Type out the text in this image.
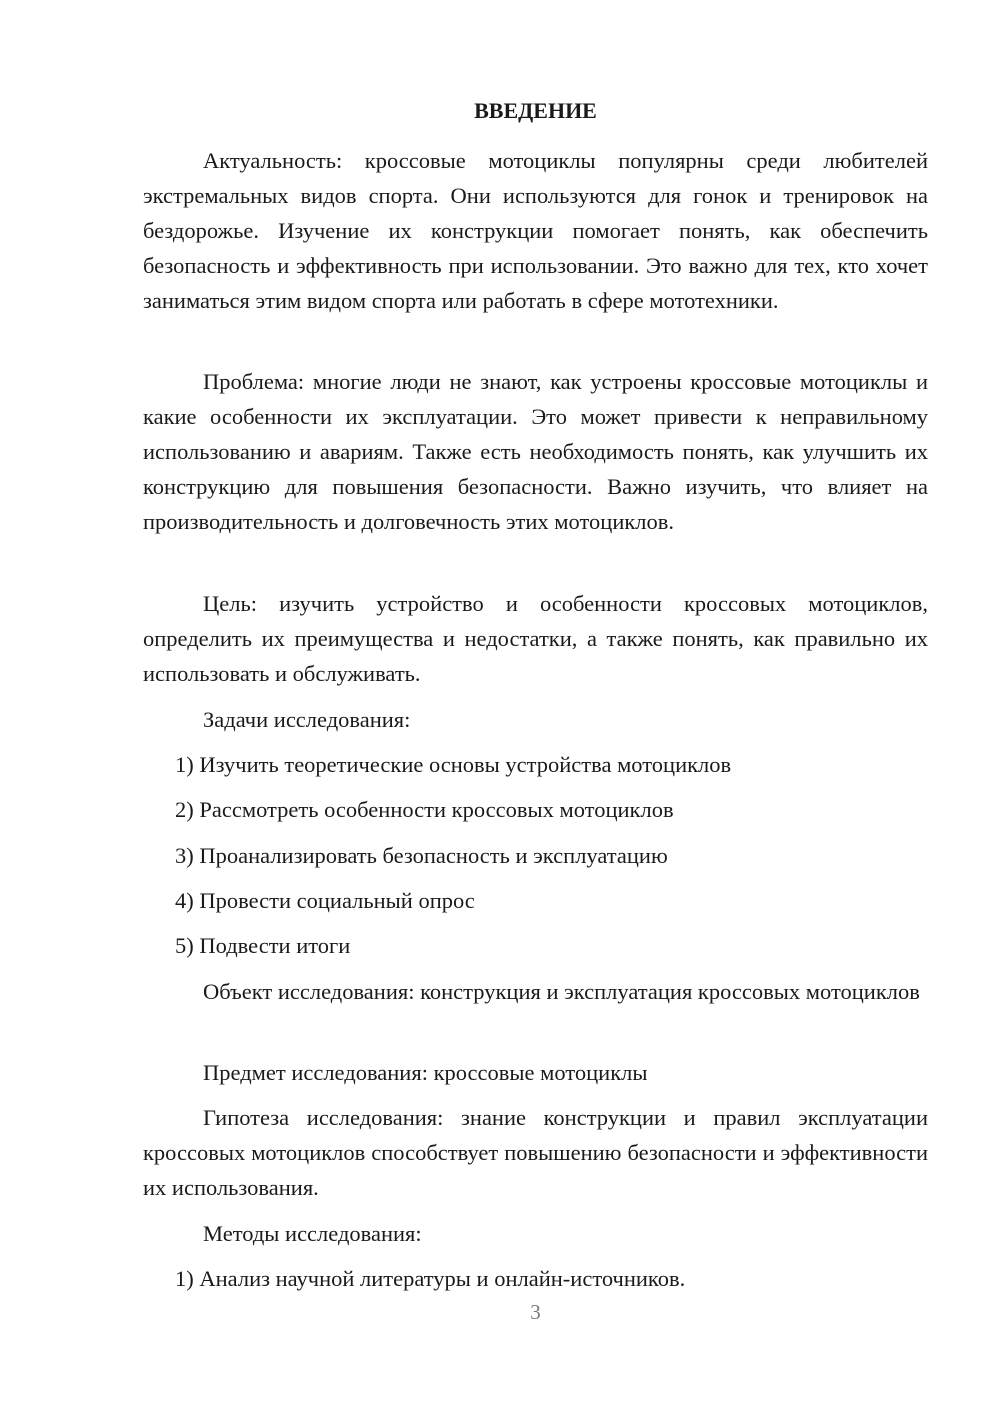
ВВЕДЕНИЕ

Актуальность: кроссовые мотоциклы популярны среди любителей экстремальных видов спорта. Они используются для гонок и тренировок на бездорожье. Изучение их конструкции помогает понять, как обеспечить безопасность и эффективность при использовании. Это важно для тех, кто хочет заниматься этим видом спорта или работать в сфере мототехники.

Проблема: многие люди не знают, как устроены кроссовые мотоциклы и какие особенности их эксплуатации. Это может привести к неправильному использованию и авариям. Также есть необходимость понять, как улучшить их конструкцию для повышения безопасности. Важно изучить, что влияет на производительность и долговечность этих мотоциклов.

Цель: изучить устройство и особенности кроссовых мотоциклов, определить их преимущества и недостатки, а также понять, как правильно их использовать и обслуживать.

Задачи исследования:

1) Изучить теоретические основы устройства мотоциклов

2) Рассмотреть особенности кроссовых мотоциклов

3) Проанализировать безопасность и эксплуатацию

4) Провести социальный опрос

5) Подвести итоги

Объект исследования: конструкция и эксплуатация кроссовых мотоциклов

Предмет исследования: кроссовые мотоциклы

Гипотеза исследования: знание конструкции и правил эксплуатации кроссовых мотоциклов способствует повышению безопасности и эффективности их использования.

Методы исследования:

1) Анализ научной литературы и онлайн-источников.

3
